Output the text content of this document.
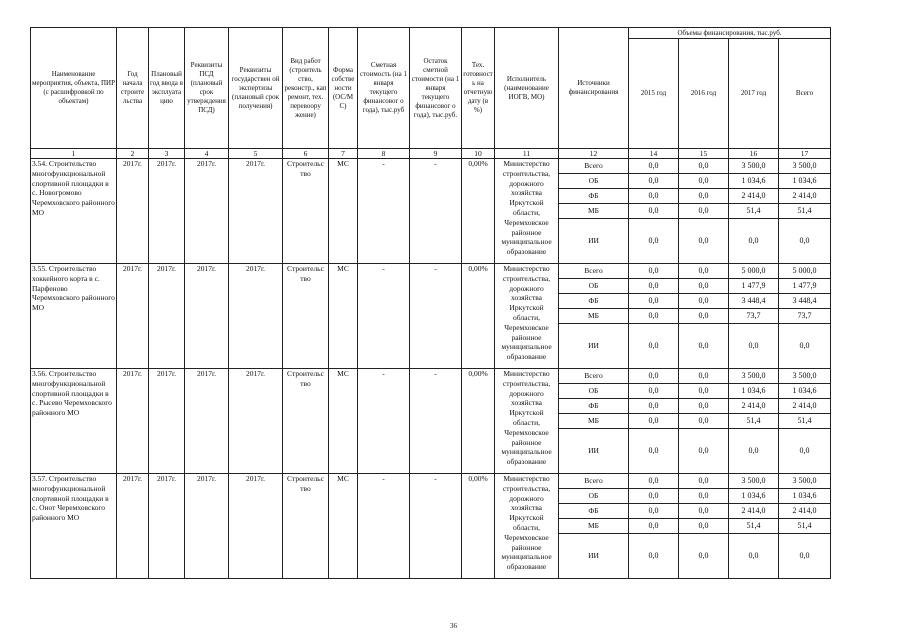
Наименование мероприятия, объекта, ПИР (с расшифровкой по объектам)	Год начала строите льства	Плановый год ввода в эксплуата цию	Реквизиты ПСД (плановый срок утверждения ПСД)	Реквизиты государствен ой экспертизы (плановый срок получения)	Вид работ (строитель ство, реконстр., кап ремонт, тех. перевоору жение)	Форма собстве ности (ОС/М С)	Сметная стоимость (на 1 января текущего финансовог о года), тыс.руб	Остаток сметной стоимости (на 1 января текущего финансовог о года), тыс.руб.	Тех. готовност ь на отчетную дату (в %)	Исполнитель (наименование ИОГВ, МО)	Источники финансирования	Объемы финансирования, тыс.руб.			
												2015 год	2016 год	2017 год	Всего
1	2	3	4	5	6	7	8	9	10	11	12	14	15	16	17
3.54. Строительство многофункциональной спортивной площадки в с. Новогромово Черемховского районного МО	2017г.	2017г.	2017г.	2017г.	Строительс тво	МС	-	-	0,00%	Министерство строительства, дорожного хозяйства Иркутской области, Черемховское районное муниципальное образование	Всего	0,0	0,0	3 500,0	3 500,0
											ОБ	0,0	0,0	1 034,6	1 034,6
											ФБ	0,0	0,0	2 414,0	2 414,0
											МБ	0,0	0,0	51,4	51,4
											ИИ	0,0	0,0	0,0	0,0
3.55. Строительство хоккейного корта в с. Парфеново Черемховского районного МО	2017г.	2017г.	2017г.	2017г.	Строительс тво	МС	-	-	0,00%	Министерство строительства, дорожного хозяйства Иркутской области, Черемховское районное муниципальное образование	Всего	0,0	0,0	5 000,0	5 000,0
											ОБ	0,0	0,0	1 477,9	1 477,9
											ФБ	0,0	0,0	3 448,4	3 448,4
											МБ	0,0	0,0	73,7	73,7
											ИИ	0,0	0,0	0,0	0,0
3.56. Строительство многофункциональной спортивной площадки в с. Рысево Черемховского районного МО	2017г.	2017г.	2017г.	2017г.	Строительс тво	МС	-	-	0,00%	Министерство строительства, дорожного хозяйства Иркутской области, Черемховское районное муниципальное образование	Всего	0,0	0,0	3 500,0	3 500,0
											ОБ	0,0	0,0	1 034,6	1 034,6
											ФБ	0,0	0,0	2 414,0	2 414,0
											МБ	0,0	0,0	51,4	51,4
											ИИ	0,0	0,0	0,0	0,0
3.57. Строительство многофункциональной спортивной площадки в с. Онот Черемховского районного МО	2017г.	2017г.	2017г.	2017г.	Строительс тво	МС	-	-	0,00%	Министерство строительства, дорожного хозяйства Иркутской области, Черемховское районное муниципальное образование	Всего	0,0	0,0	3 500,0	3 500,0
											ОБ	0,0	0,0	1 034,6	1 034,6
											ФБ	0,0	0,0	2 414,0	2 414,0
											МБ	0,0	0,0	51,4	51,4
											ИИ	0,0	0,0	0,0	0,0
36
